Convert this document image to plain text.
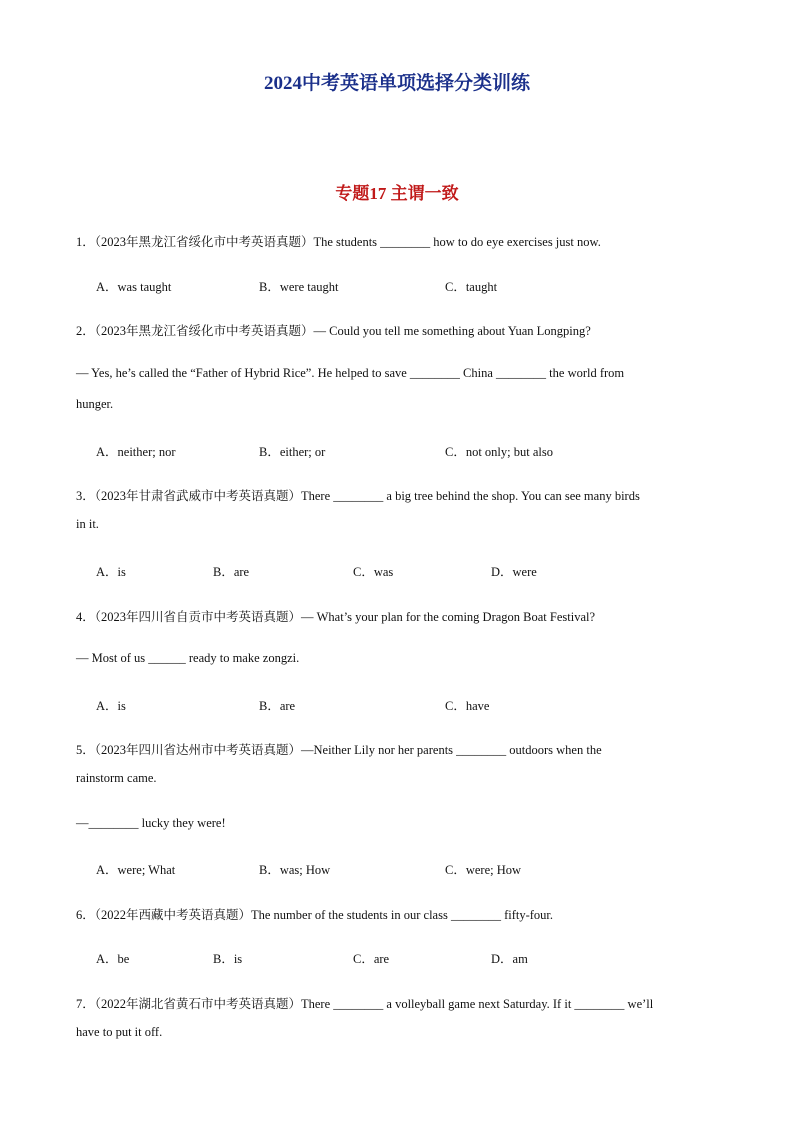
2024中考英语单项选择分类训练
专题17 主谓一致
1．（2023年黑龙江省绥化市中考英语真题）The students ________ how to do eye exercises just now.
A．was taught	B．were taught	C．taught
2．（2023年黑龙江省绥化市中考英语真题）— Could you tell me something about Yuan Longping?
— Yes, he’s called the “Father of Hybrid Rice”. He helped to save ________ China ________ the world from
hunger.
A．neither; nor	B．either; or	C．not only; but also
3．（2023年甘肃省武威市中考英语真题）There ________ a big tree behind the shop. You can see many birds
in it.
A．is	B．are	C．was	D．were
4．（2023年四川省自贡市中考英语真题）— What’s your plan for the coming Dragon Boat Festival?
— Most of us ______ ready to make zongzi.
A．is	B．are	C．have
5．（2023年四川省达州市中考英语真题）—Neither Lily nor her parents ________ outdoors when the
rainstorm came.
—________ lucky they were!
A．were; What	B．was; How	C．were; How
6．（2022年西藏中考英语真题）The number of the students in our class ________ fifty-four.
A．be	B．is	C．are	D．am
7．（2022年湖北省黄石市中考英语真题）There ________ a volleyball game next Saturday. If it ________ we’ll
have to put it off.
